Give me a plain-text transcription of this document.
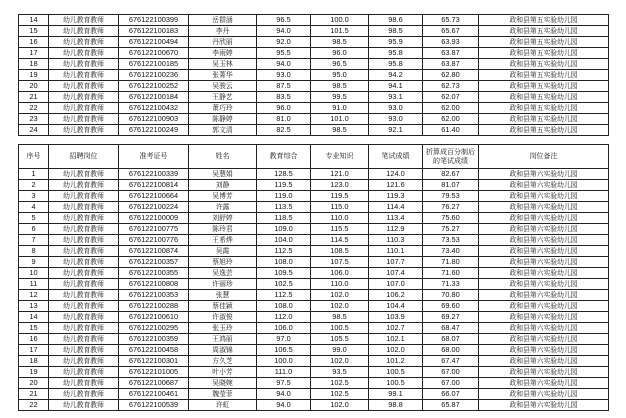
14	幼儿教育教师	676122100399	岳群涵	96.5	100.0	98.6	65.73	政和县第五实验幼儿园
15	幼儿教育教师	676122100183	李丹	94.0	101.5	98.5	65.67	政和县第五实验幼儿园
16	幼儿教育教师	676122100494	丹欣丽	92.0	98.5	95.9	63.93	政和县第五实验幼儿园
17	幼儿教育教师	676122100670	李雨婷	95.5	96.0	95.8	63.87	政和县第五实验幼儿园
18	幼儿教育教师	676122100185	吴玉林	94.0	96.5	95.8	63.87	政和县第五实验幼儿园
19	幼儿教育教师	676122100236	张菁华	93.0	95.0	94.2	62.80	政和县第五实验幼儿园
20	幼儿教育教师	676122100252	吴骏云	87.5	98.5	94.1	62.73	政和县第五实验幼儿园
21	幼儿教育教师	676122100184	王静艺	83.5	99.5	93.1	62.07	政和县第五实验幼儿园
22	幼儿教育教师	676122100432	萧巧玲	96.0	91.0	93.0	62.00	政和县第五实验幼儿园
23	幼儿教育教师	676122100903	陈静婷	81.0	101.0	93.0	62.00	政和县第五实验幼儿园
24	幼儿教育教师	676122100249	郭文清	82.5	98.5	92.1	61.40	政和县第五实验幼儿园
序号	招聘岗位	准考证号	姓名	教育综合	专业知识	笔试成绩	折算成百分制后的笔试成绩	岗位备注
1	幼儿教育教师	676122100339	吴慧娟	128.5	121.0	124.0	82.67	政和县第六实验幼儿园
2	幼儿教育教师	676122100814	刘静	119.5	123.0	121.6	81.07	政和县第六实验幼儿园
3	幼儿教育教师	676122100664	吴博芳	119.0	119.5	119.3	79.53	政和县第六实验幼儿园
4	幼儿教育教师	676122100224	许露	113.5	115.0	114.4	76.27	政和县第六实验幼儿园
5	幼儿教育教师	676122100009	刘舒婷	118.5	110.0	113.4	75.60	政和县第六实验幼儿园
6	幼儿教育教师	676122100775	陈玲君	109.0	115.5	112.9	75.27	政和县第六实验幼儿园
7	幼儿教育教师	676122100776	王希烨	104.0	114.5	110.3	73.53	政和县第六实验幼儿园
8	幼儿教育教师	676122100874	吴霞	112.5	108.5	110.1	73.40	政和县第六实验幼儿园
9	幼儿教育教师	676122100357	蔡旭玲	108.0	107.5	107.7	71.80	政和县第六实验幼儿园
10	幼儿教育教师	676122100355	吴逸芸	109.5	106.0	107.4	71.60	政和县第六实验幼儿园
11	幼儿教育教师	676122100808	许丽珍	102.5	110.0	107.0	71.33	政和县第六实验幼儿园
12	幼儿教育教师	676122100353	张慧	112.5	102.0	106.2	70.80	政和县第六实验幼儿园
13	幼儿教育教师	676122100288	蔡佳颖	108.0	102.0	104.4	69.60	政和县第六实验幼儿园
14	幼儿教育教师	676122100610	许淑俊	112.0	98.5	103.9	69.27	政和县第六实验幼儿园
15	幼儿教育教师	676122100295	张玉玲	106.0	100.5	102.7	68.47	政和县第六实验幼儿园
16	幼儿教育教师	676122100359	王鸿丽	97.0	105.5	102.1	68.07	政和县第六实验幼儿园
17	幼儿教育教师	676122100458	周淑锦	106.5	99.0	102.0	68.00	政和县第六实验幼儿园
18	幼儿教育教师	676122100301	方久芝	100.0	102.0	101.2	67.47	政和县第六实验幼儿园
19	幼儿教育教师	676122101005	叶小芳	111.0	93.5	100.5	67.00	政和县第六实验幼儿园
20	幼儿教育教师	676122100687	吴晓婉	97.5	102.5	100.5	67.00	政和县第六实验幼儿园
21	幼儿教育教师	676122100461	魏莹菲	94.0	102.5	99.1	66.07	政和县第六实验幼儿园
22	幼儿教育教师	676122100539	许虹	94.0	102.0	98.8	65.87	政和县第六实验幼儿园
